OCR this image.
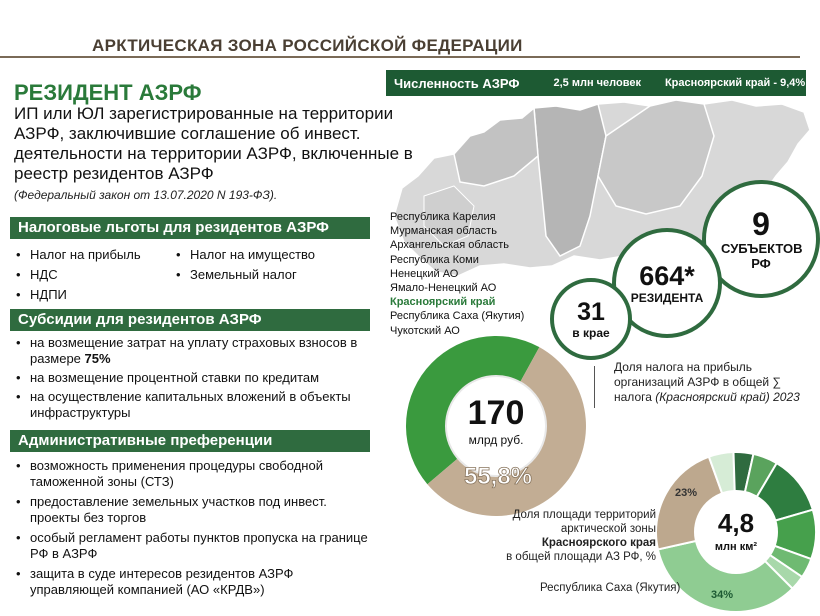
АРКТИЧЕСКАЯ ЗОНА РОССИЙСКОЙ ФЕДЕРАЦИИ
РЕЗИДЕНТ АЗРФ
ИП или ЮЛ зарегистрированные на территории АЗРФ, заключившие соглашение об инвест. деятельности на территории АЗРФ, включенные в реестр резидентов АЗРФ
(Федеральный закон от 13.07.2020 N 193-ФЗ).
Налоговые льготы для резидентов АЗРФ
• Налог на прибыль
• НДС
• НДПИ
• Налог на имущество
• Земельный налог
Субсидии для резидентов АЗРФ
• на возмещение затрат на уплату страховых взносов в размере 75%
• на возмещение процентной ставки по кредитам
• на осуществление капитальных вложений в объекты инфраструктуры
Административные преференции
• возможность применения процедуры свободной таможенной зоны (СТЗ)
• предоставление земельных участков под инвест. проекты без торгов
• особый регламент работы пунктов пропуска на границе РФ в АЗРФ
• защита в суде интересов резидентов АЗРФ управляющей компанией (АО «КРДВ»)
Численность АЗРФ	2,5 млн человек Красноярский край - 9,4%
Республика Карелия
Мурманская область
Архангельская область
Республика Коми
Ненецкий АО
Ямало-Ненецкий АО
Красноярский край
Республика Саха (Якутия)
Чукотский АО
9
СУБЪЕКТОВ РФ
664*
РЕЗИДЕНТА
31
в крае
170
млрд руб.
55,8%
Доля налога на прибыль организаций АЗРФ в общей ∑ налога (Красноярский край) 2023
4,8
млн км²
23%
34%
Доля площади территорий арктической зоны
Красноярского края
в общей площади АЗ РФ, %
Республика Саха (Якутия)
